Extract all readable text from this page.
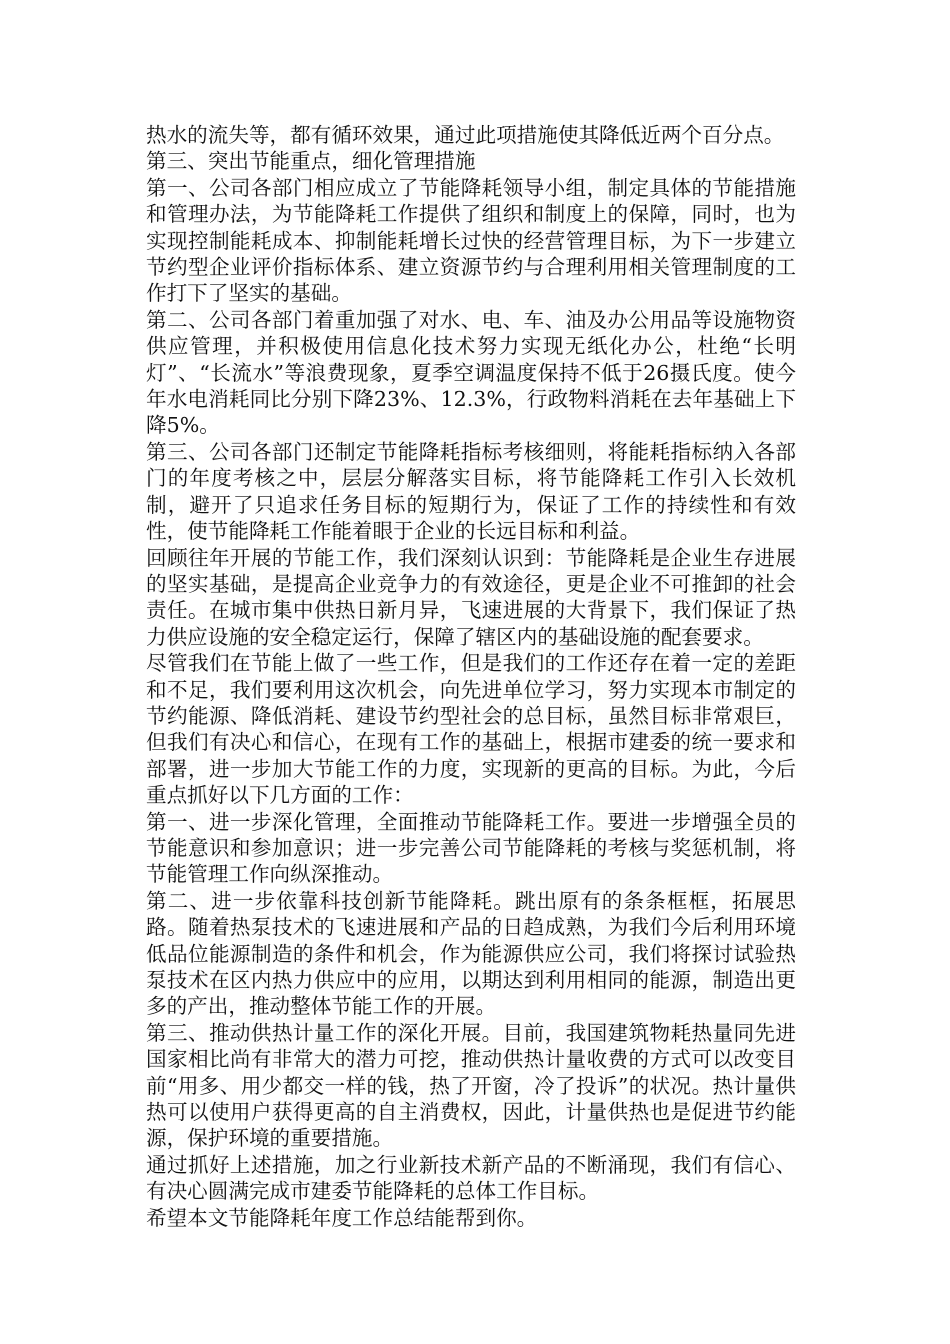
热水的流失等，都有循环效果，通过此项措施使其降低近两个百分点。

第三、突出节能重点，细化管理措施

第一、公司各部门相应成立了节能降耗领导小组，制定具体的节能措施和管理办法，为节能降耗工作提供了组织和制度上的保障，同时，也为实现控制能耗成本、抑制能耗增长过快的经营管理目标，为下一步建立节约型企业评价指标体系、建立资源节约与合理利用相关管理制度的工作打下了坚实的基础。

第二、公司各部门着重加强了对水、电、车、油及办公用品等设施物资供应管理，并积极使用信息化技术努力实现无纸化办公，杜绝“长明灯”、“长流水”等浪费现象，夏季空调温度保持不低于26摄氏度。使今年水电消耗同比分别下降23%、12.3%，行政物料消耗在去年基础上下降5%。

第三、公司各部门还制定节能降耗指标考核细则，将能耗指标纳入各部门的年度考核之中，层层分解落实目标，将节能降耗工作引入长效机制，避开了只追求任务目标的短期行为，保证了工作的持续性和有效性，使节能降耗工作能着眼于企业的长远目标和利益。

回顾往年开展的节能工作，我们深刻认识到：节能降耗是企业生存进展的坚实基础，是提高企业竞争力的有效途径，更是企业不可推卸的社会责任。在城市集中供热日新月异，飞速进展的大背景下，我们保证了热力供应设施的安全稳定运行，保障了辖区内的基础设施的配套要求。

尽管我们在节能上做了一些工作，但是我们的工作还存在着一定的差距和不足，我们要利用这次机会，向先进单位学习，努力实现本市制定的节约能源、降低消耗、建设节约型社会的总目标，虽然目标非常艰巨，但我们有决心和信心，在现有工作的基础上，根据市建委的统一要求和部署，进一步加大节能工作的力度，实现新的更高的目标。为此，今后重点抓好以下几方面的工作：

第一、进一步深化管理，全面推动节能降耗工作。要进一步增强全员的节能意识和参加意识；进一步完善公司节能降耗的考核与奖惩机制，将节能管理工作向纵深推动。

第二、进一步依靠科技创新节能降耗。跳出原有的条条框框，拓展思路。随着热泵技术的飞速进展和产品的日趋成熟，为我们今后利用环境低品位能源制造的条件和机会，作为能源供应公司，我们将探讨试验热泵技术在区内热力供应中的应用，以期达到利用相同的能源，制造出更多的产出，推动整体节能工作的开展。

第三、推动供热计量工作的深化开展。目前，我国建筑物耗热量同先进国家相比尚有非常大的潜力可挖，推动供热计量收费的方式可以改变目前“用多、用少都交一样的钱，热了开窗，冷了投诉”的状况。热计量供热可以使用户获得更高的自主消费权，因此，计量供热也是促进节约能源，保护环境的重要措施。

通过抓好上述措施，加之行业新技术新产品的不断涌现，我们有信心、有决心圆满完成市建委节能降耗的总体工作目标。

希望本文节能降耗年度工作总结能帮到你。
